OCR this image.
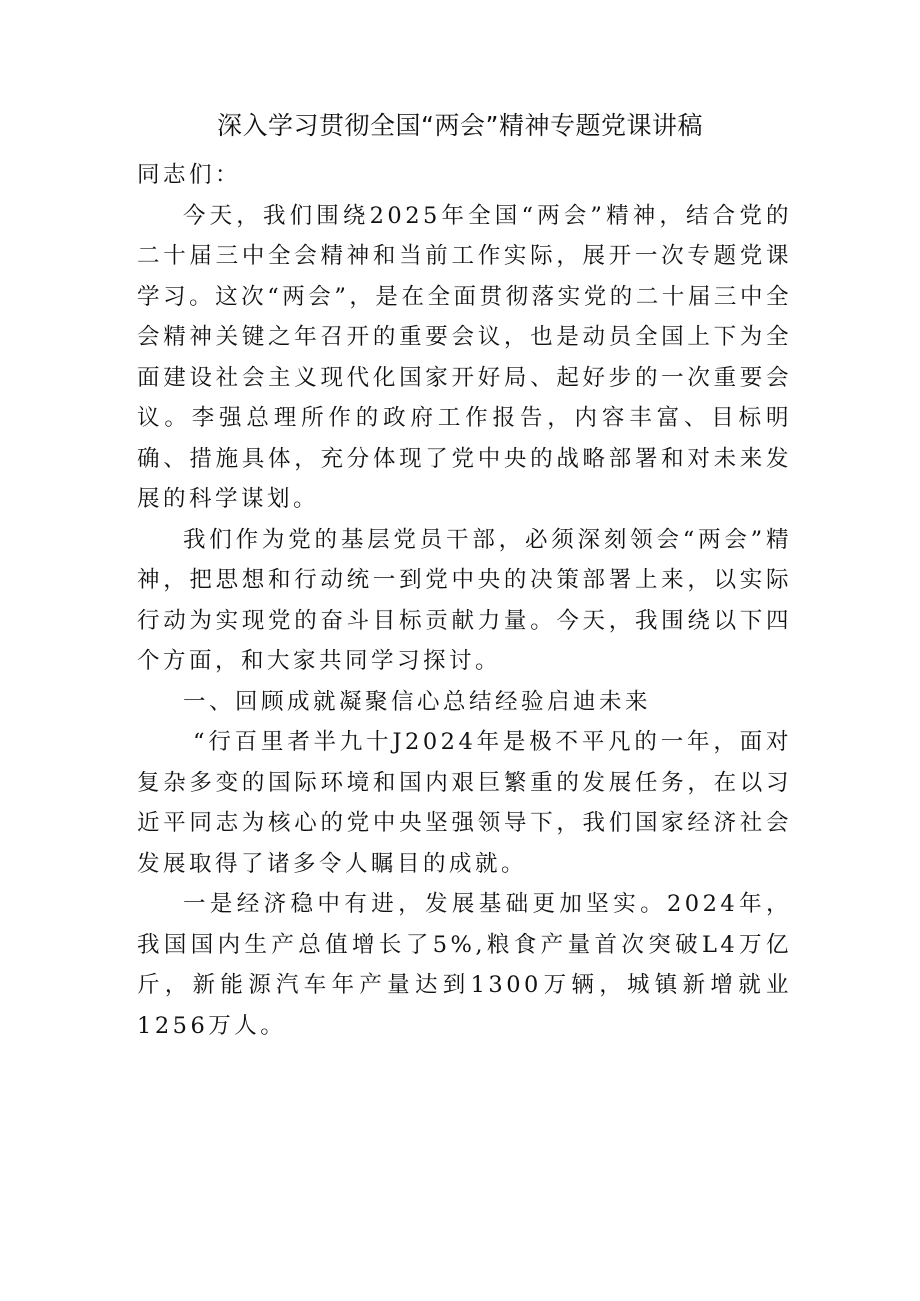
深入学习贯彻全国“两会”精神专题党课讲稿

同志们：

今天，我们围绕2025年全国“两会”精神，结合党的二十届三中全会精神和当前工作实际，展开一次专题党课学习。这次“两会”，是在全面贯彻落实党的二十届三中全会精神关键之年召开的重要会议，也是动员全国上下为全面建设社会主义现代化国家开好局、起好步的一次重要会议。李强总理所作的政府工作报告，内容丰富、目标明确、措施具体，充分体现了党中央的战略部署和对未来发展的科学谋划。

我们作为党的基层党员干部，必须深刻领会“两会”精神，把思想和行动统一到党中央的决策部署上来，以实际行动为实现党的奋斗目标贡献力量。今天，我围绕以下四个方面，和大家共同学习探讨。

一、回顾成就凝聚信心总结经验启迪未来

“行百里者半九十J2024年是极不平凡的一年，面对复杂多变的国际环境和国内艰巨繁重的发展任务，在以习近平同志为核心的党中央坚强领导下，我们国家经济社会发展取得了诸多令人瞩目的成就。

一是经济稳中有进，发展基础更加坚实。2024年，我国国内生产总值增长了5%,粮食产量首次突破L4万亿斤，新能源汽车年产量达到1300万辆，城镇新增就业1256万人。
